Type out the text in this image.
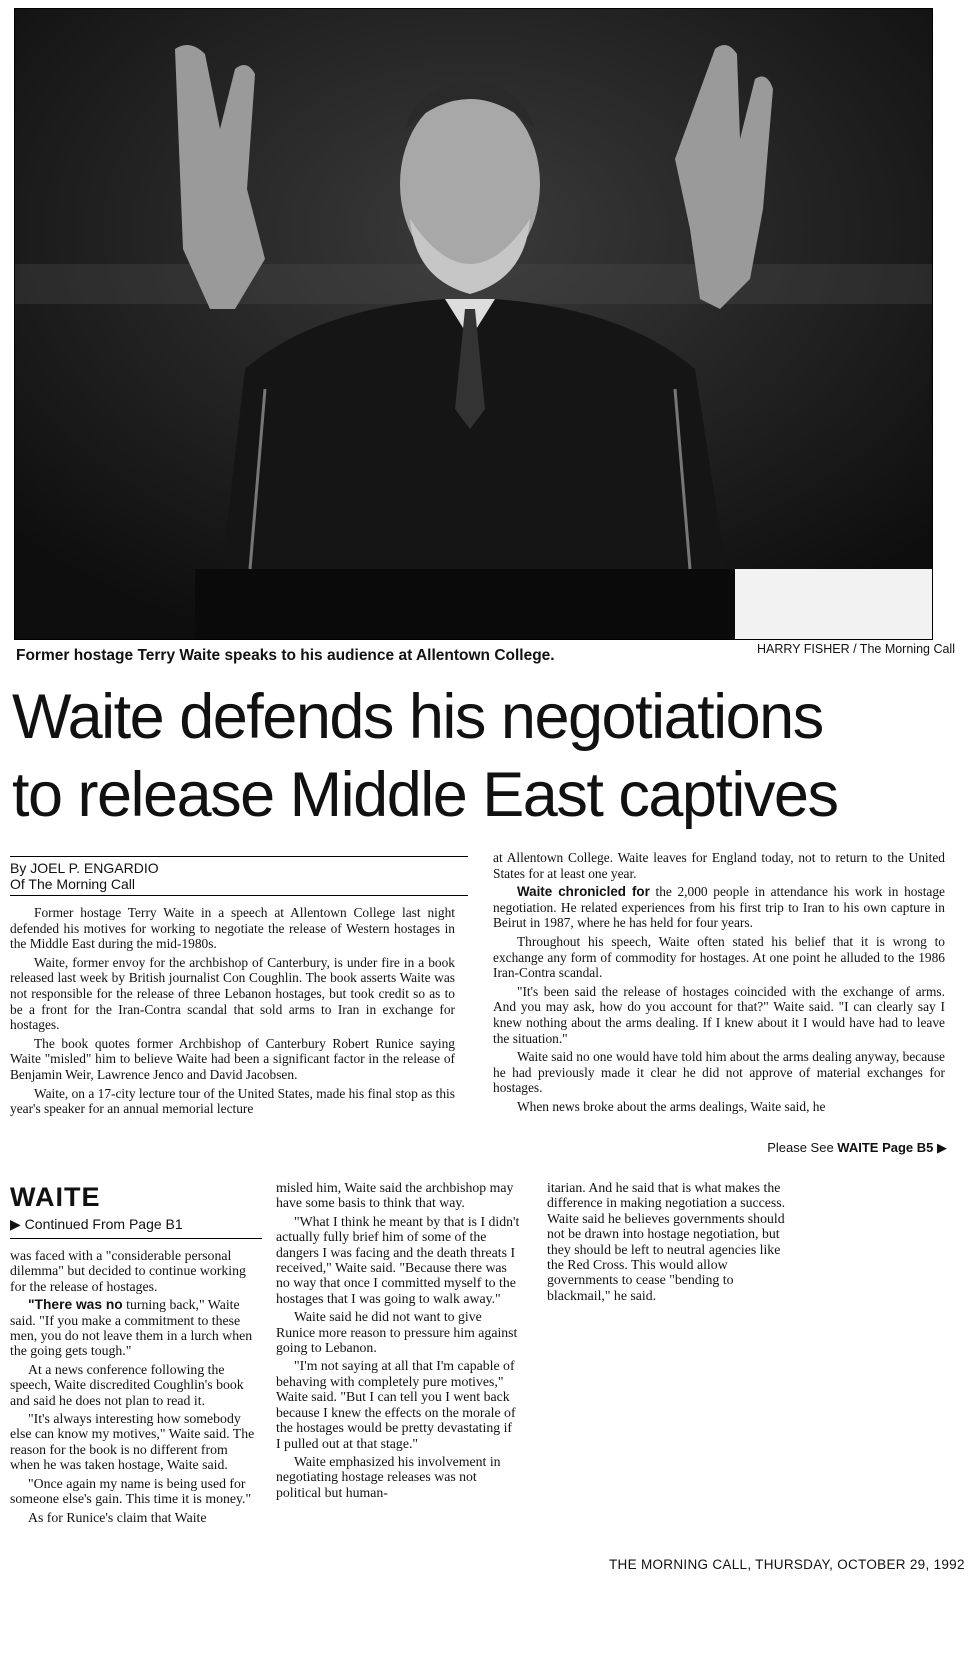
Former hostage Terry Waite speaks to his audience at Allentown College.	HARRY FISHER / The Morning Call
Waite defends his negotiations
to release Middle East captives
By JOEL P. ENGARDIO
Of The Morning Call

Former hostage Terry Waite in a speech at Allentown College last night defended his motives for working to negotiate the release of Western hostages in the Middle East during the mid-1980s.

Waite, former envoy for the archbishop of Canterbury, is under fire in a book released last week by British journalist Con Coughlin. The book asserts Waite was not responsible for the release of three Lebanon hostages, but took credit so as to be a front for the Iran-Contra scandal that sold arms to Iran in exchange for hostages.

The book quotes former Archbishop of Canterbury Robert Runice saying Waite "misled" him to believe Waite had been a significant factor in the release of Benjamin Weir, Lawrence Jenco and David Jacobsen.

Waite, on a 17-city lecture tour of the United States, made his final stop as this year's speaker for an annual memorial lecture

at Allentown College. Waite leaves for England today, not to return to the United States for at least one year.

Waite chronicled for the 2,000 people in attendance his work in hostage negotiation. He related experiences from his first trip to Iran to his own capture in Beirut in 1987, where he has held for four years.

Throughout his speech, Waite often stated his belief that it is wrong to exchange any form of commodity for hostages. At one point he alluded to the 1986 Iran-Contra scandal.

"It's been said the release of hostages coincided with the exchange of arms. And you may ask, how do you account for that?" Waite said. "I can clearly say I knew nothing about the arms dealing. If I knew about it I would have had to leave the situation."

Waite said no one would have told him about the arms dealing anyway, because he had previously made it clear he did not approve of material exchanges for hostages.

When news broke about the arms dealings, Waite said, he

Please See WAITE Page B5 ▶
WAITE
▶ Continued From Page B1

was faced with a "considerable personal dilemma" but decided to continue working for the release of hostages.

"There was no turning back," Waite said. "If you make a commitment to these men, you do not leave them in a lurch when the going gets tough."

At a news conference following the speech, Waite discredited Coughlin's book and said he does not plan to read it.

"It's always interesting how somebody else can know my motives," Waite said. The reason for the book is no different from when he was taken hostage, Waite said.

"Once again my name is being used for someone else's gain. This time it is money."

As for Runice's claim that Waite

misled him, Waite said the archbishop may have some basis to think that way.

"What I think he meant by that is I didn't actually fully brief him of some of the dangers I was facing and the death threats I received," Waite said. "Because there was no way that once I committed myself to the hostages that I was going to walk away."

Waite said he did not want to give Runice more reason to pressure him against going to Lebanon.

"I'm not saying at all that I'm capable of behaving with completely pure motives," Waite said. "But I can tell you I went back because I knew the effects on the morale of the hostages would be pretty devastating if I pulled out at that stage."

Waite emphasized his involvement in negotiating hostage releases was not political but human-

itarian. And he said that is what makes the difference in making negotiation a success. Waite said he believes governments should not be drawn into hostage negotiation, but they should be left to neutral agencies like the Red Cross. This would allow governments to cease "bending to blackmail," he said.

THE MORNING CALL, THURSDAY, OCTOBER 29, 1992
